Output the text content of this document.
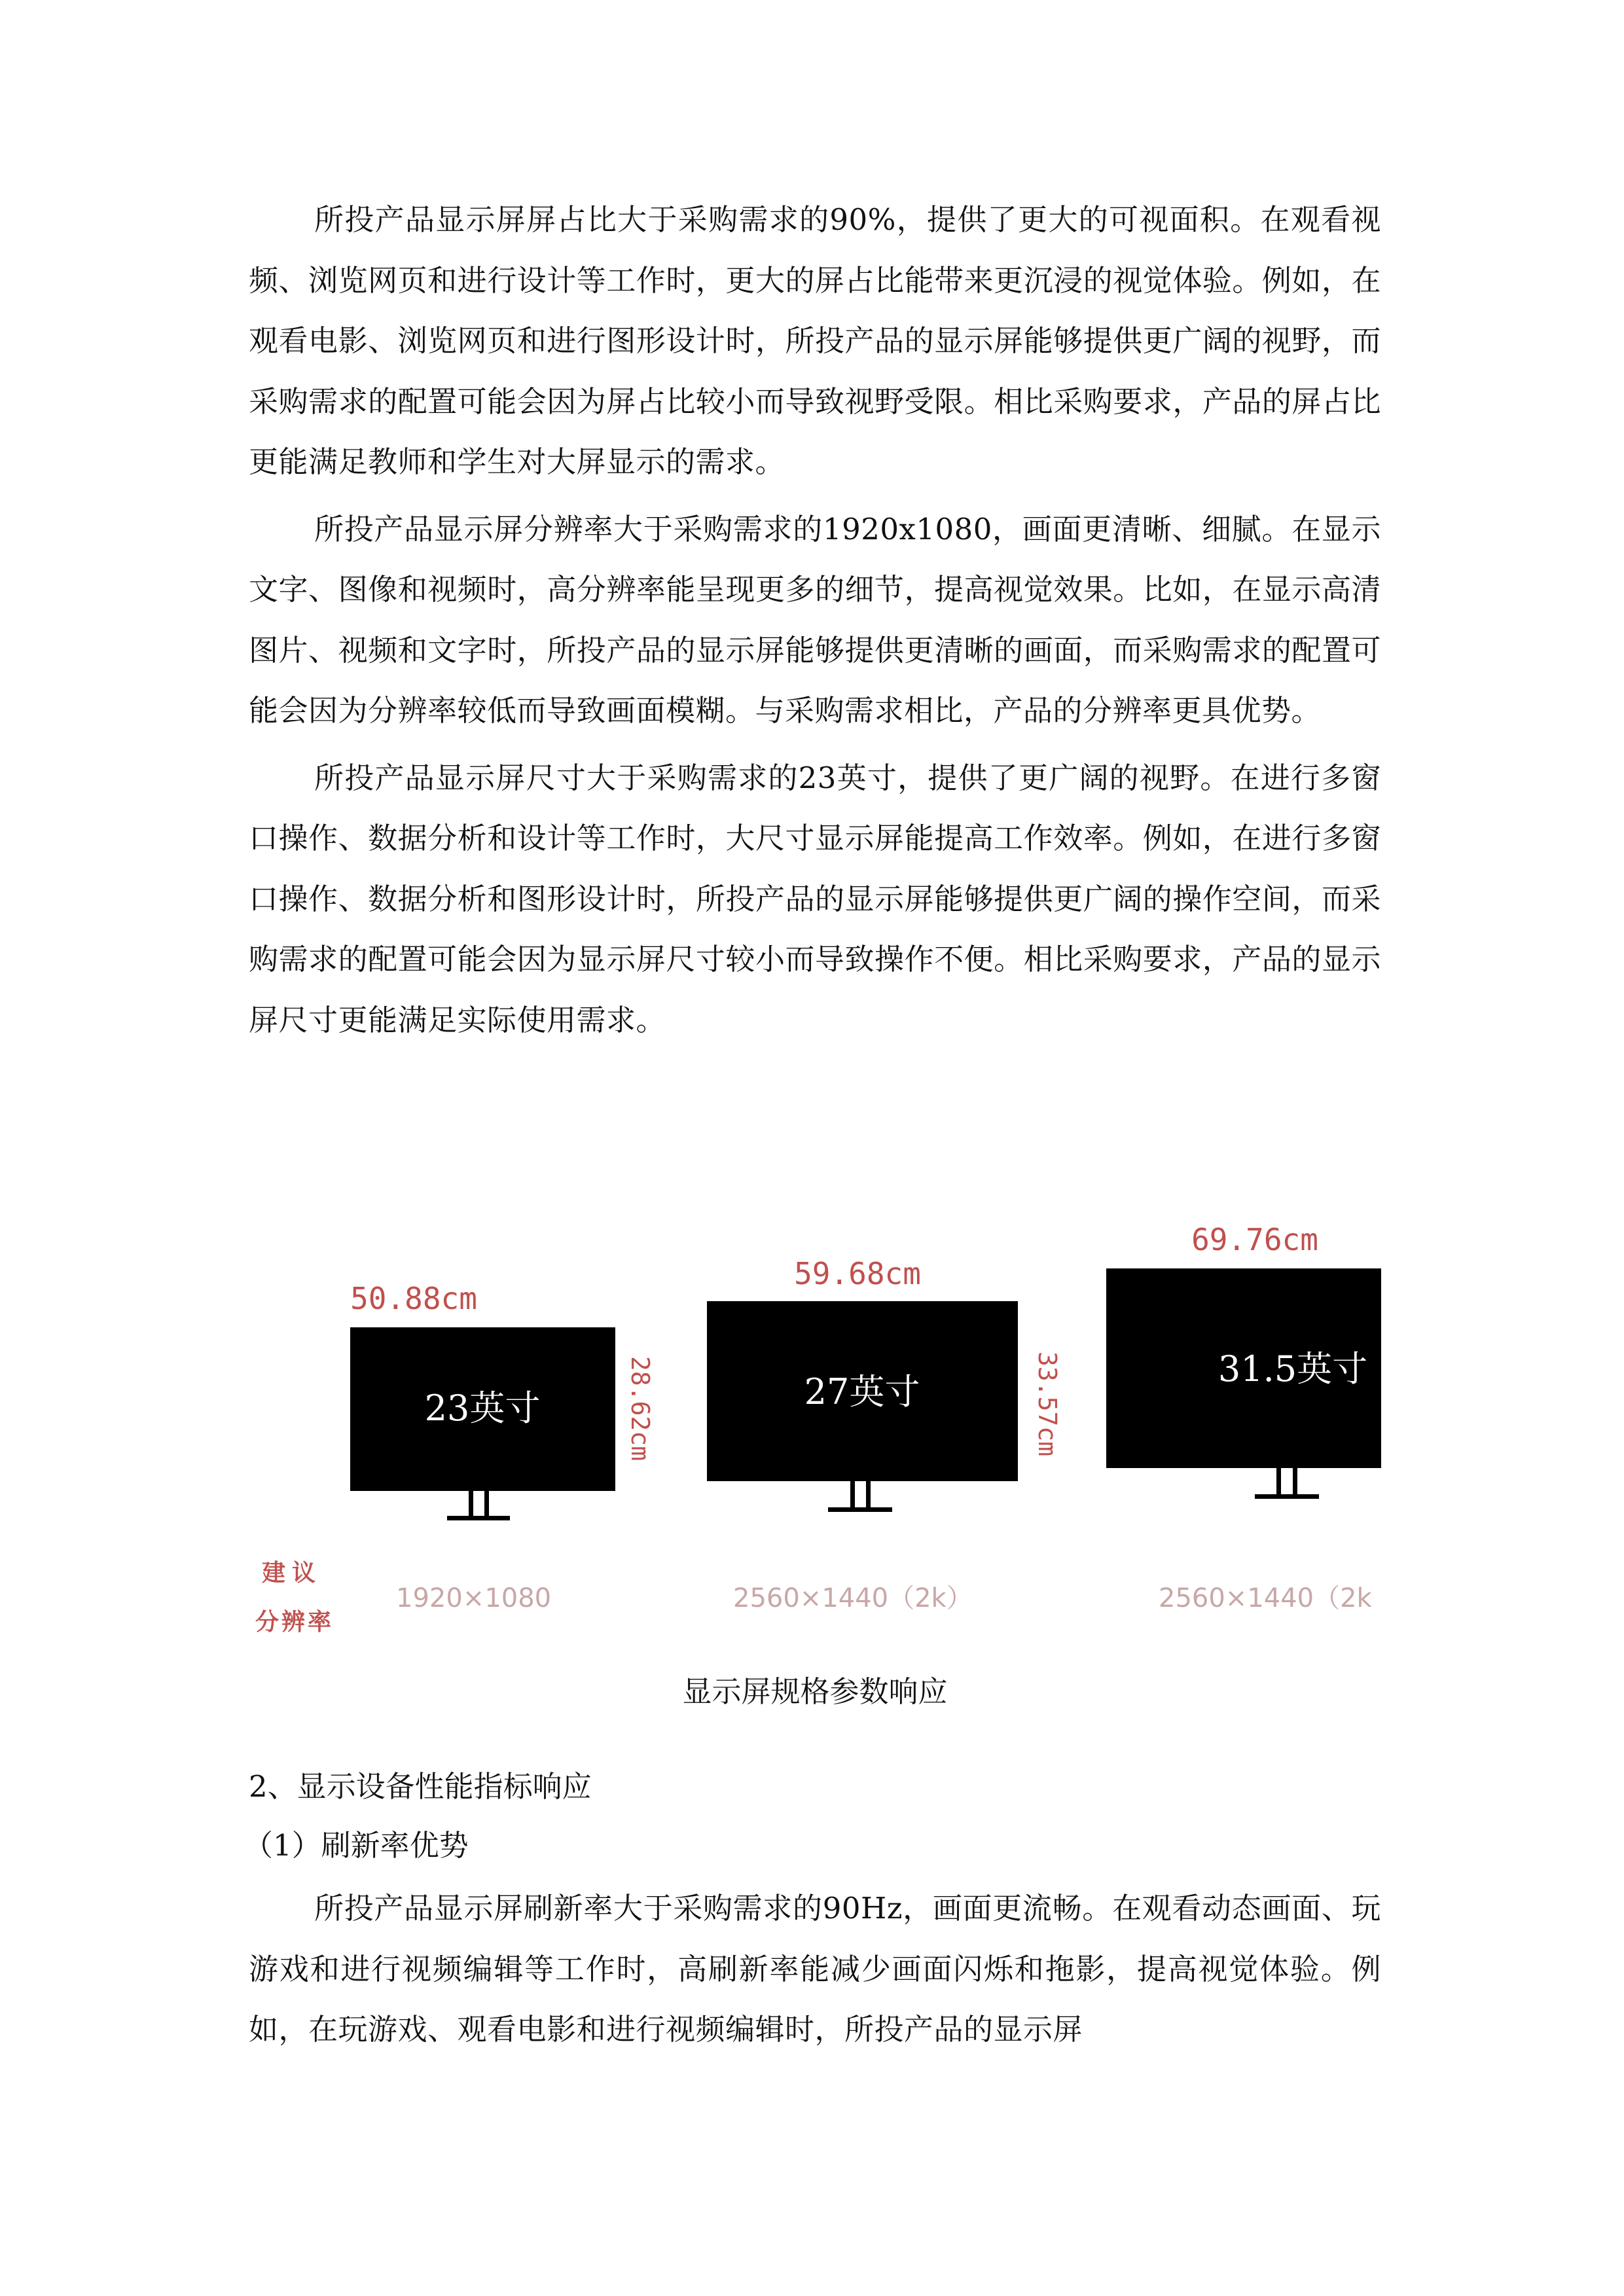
所投产品显示屏屏占比大于采购需求的90%，提供了更大的可视面积。在观看视频、浏览网页和进行设计等工作时，更大的屏占比能带来更沉浸的视觉体验。例如，在观看电影、浏览网页和进行图形设计时，所投产品的显示屏能够提供更广阔的视野，而采购需求的配置可能会因为屏占比较小而导致视野受限。相比采购要求，产品的屏占比更能满足教师和学生对大屏显示的需求。

所投产品显示屏分辨率大于采购需求的1920x1080，画面更清晰、细腻。在显示文字、图像和视频时，高分辨率能呈现更多的细节，提高视觉效果。比如，在显示高清图片、视频和文字时，所投产品的显示屏能够提供更清晰的画面，而采购需求的配置可能会因为分辨率较低而导致画面模糊。与采购需求相比，产品的分辨率更具优势。

所投产品显示屏尺寸大于采购需求的23英寸，提供了更广阔的视野。在进行多窗口操作、数据分析和设计等工作时，大尺寸显示屏能提高工作效率。例如，在进行多窗口操作、数据分析和图形设计时，所投产品的显示屏能够提供更广阔的操作空间，而采购需求的配置可能会因为显示屏尺寸较小而导致操作不便。相比采购要求，产品的显示屏尺寸更能满足实际使用需求。

50.88cm
23英寸	28.62cm
59.68cm
27英寸	33.57cm
69.76cm
31.5英寸
建议
分辨率
1920×1080	2560×1440（2k）	2560×1440（2k
显示屏规格参数响应
2、显示设备性能指标响应
（1）刷新率优势

所投产品显示屏刷新率大于采购需求的90Hz，画面更流畅。在观看动态画面、玩游戏和进行视频编辑等工作时，高刷新率能减少画面闪烁和拖影，提高视觉体验。例如，在玩游戏、观看电影和进行视频编辑时，所投产品的显示屏
